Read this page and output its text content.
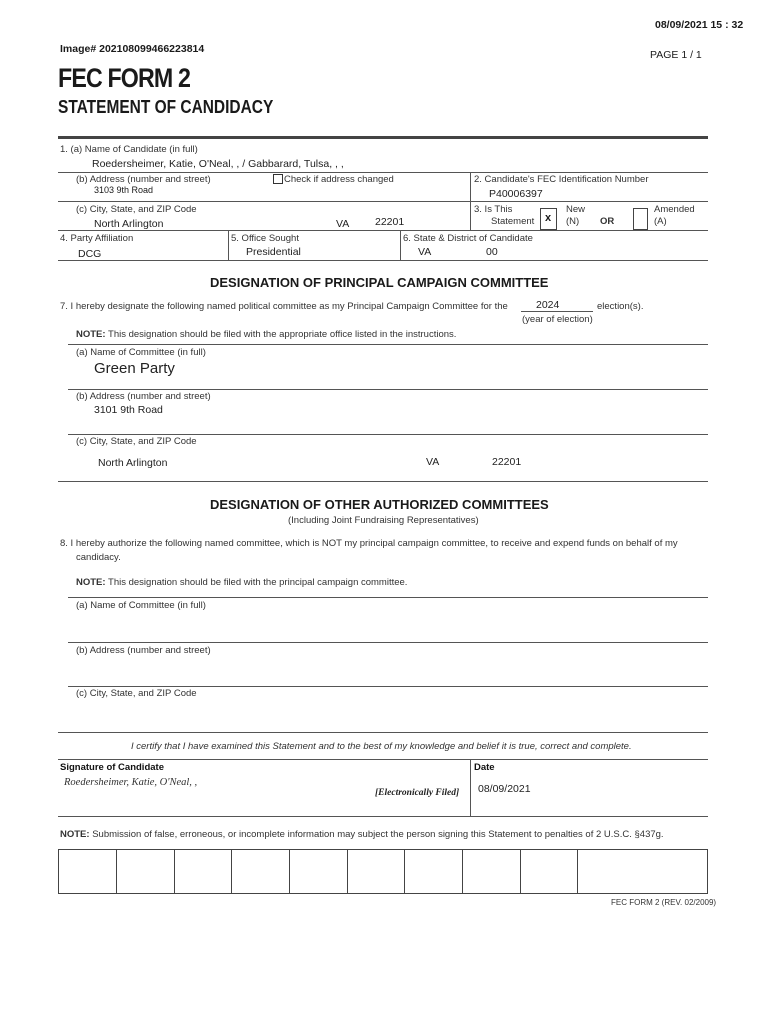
08/09/2021 15 : 32
Image# 202108099466223814	PAGE 1 / 1
FEC FORM 2
STATEMENT OF CANDIDACY
1. (a) Name of Candidate (in full)
Roedersheimer, Katie, O'Neal, , / Gabbarard, Tulsa, , ,
(b) Address (number and street)
3103 9th Road
Check if address changed	2. Candidate's FEC Identification Number
P40006397
(c) City, State, and ZIP Code
North Arlington	VA 22201
3. Is This
Statement x
New
(N) OR
Amended
(A)
4. Party Affiliation
DCG
5. Office Sought
Presidential
6. State & District of Candidate
VA	00
DESIGNATION OF PRINCIPAL CAMPAIGN COMMITTEE
7. I hereby designate the following named political committee as my Principal Campaign Committee for the	2024	election(s).
(year of election)
NOTE: This designation should be filed with the appropriate office listed in the instructions.
(a) Name of Committee (in full)
Green Party
(b) Address (number and street)
3101 9th Road
(c) City, State, and ZIP Code
North Arlington	VA	22201
DESIGNATION OF OTHER AUTHORIZED COMMITTEES
(Including Joint Fundraising Representatives)
8. I hereby authorize the following named committee, which is NOT my principal campaign committee, to receive and expend funds on behalf of my
candidacy.
NOTE: This designation should be filed with the principal campaign committee.
(a) Name of Committee (in full)
(b) Address (number and street)
(c) City, State, and ZIP Code
I certify that I have examined this Statement and to the best of my knowledge and belief it is true, correct and complete.
Signature of Candidate
Roedersheimer, Katie, O'Neal, ,
[Electronically Filed]
Date
08/09/2021
NOTE: Submission of false, erroneous, or incomplete information may subject the person signing this Statement to penalties of 2 U.S.C. §437g.
FEC FORM 2 (REV. 02/2009)
